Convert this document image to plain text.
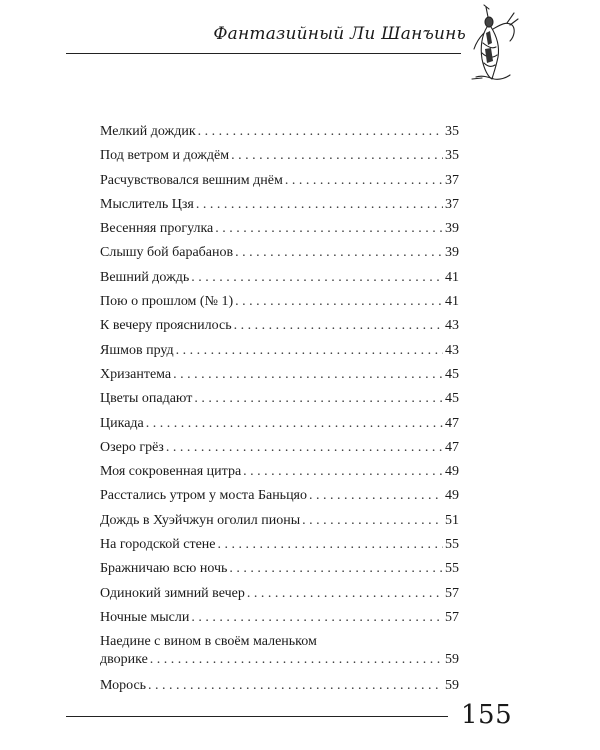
Фантазийный Ли Шанъинь
Мелкий дождик . . .	35
Под ветром и дождём . . .	35
Расчувствовался вешним днём . . .	37
Мыслитель Цзя . . .	37
Весенняя прогулка . . .	39
Слышу бой барабанов . . .	39
Вешний дождь . . .	41
Пою о прошлом (№ 1) . . .	41
К вечеру прояснилось . . .	43
Яшмов пруд . . .	43
Хризантема . . .	45
Цветы опадают . . .	45
Цикада . . .	47
Озеро грёз . . .	47
Моя сокровенная цитра . . .	49
Расстались утром у моста Баньцяо . . .	49
Дождь в Хуэйчжун оголил пионы . . .	51
На городской стене . . .	55
Бражничаю всю ночь . . .	55
Одинокий зимний вечер . . .	57
Ночные мысли . . .	57
Наедине с вином в своём маленьком
дворике . . .	59
Морось . . .	59
155
